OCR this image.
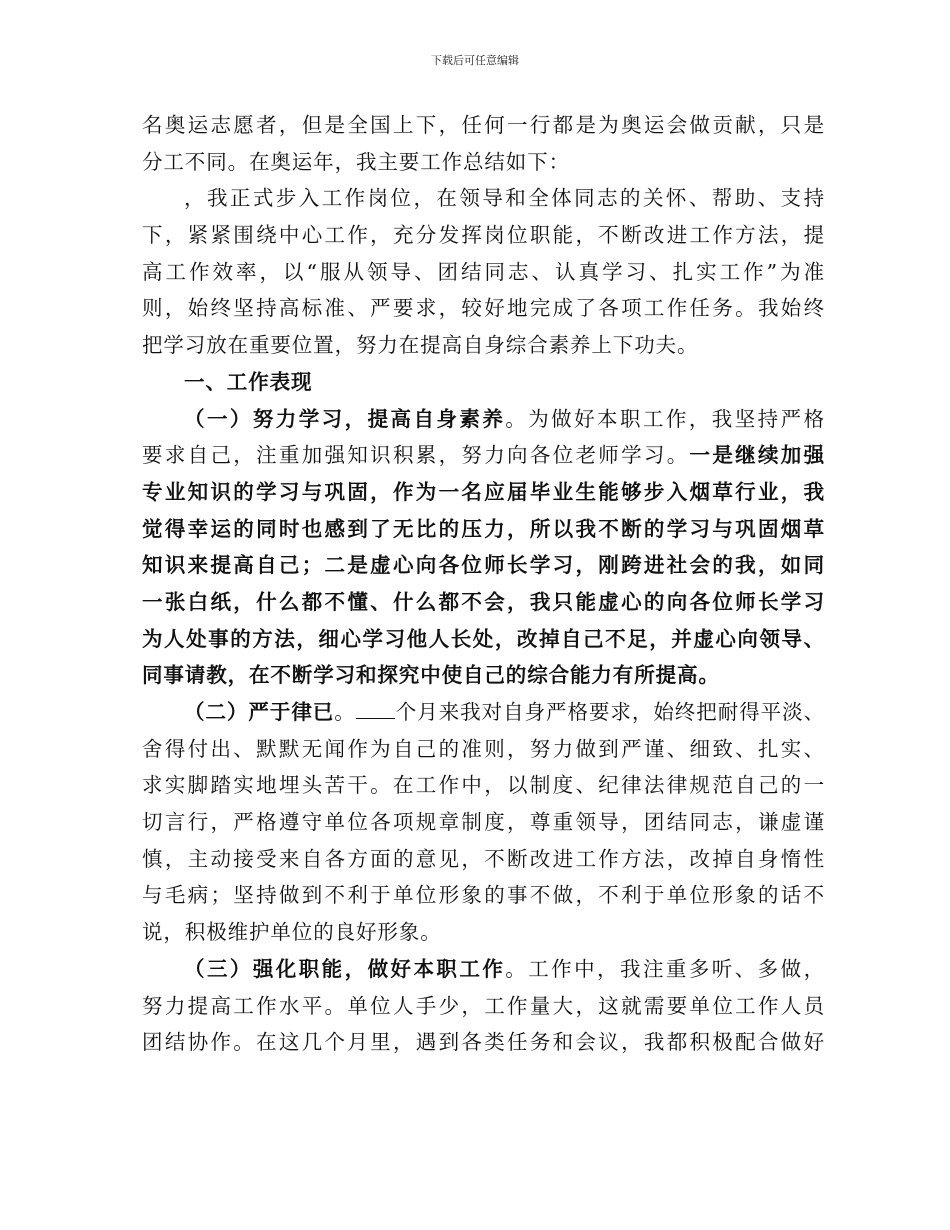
下载后可任意编辑
名奥运志愿者，但是全国上下，任何一行都是为奥运会做贡献，只是
分工不同。在奥运年，我主要工作总结如下：
，我正式步入工作岗位，在领导和全体同志的关怀、帮助、支持
下，紧紧围绕中心工作，充分发挥岗位职能，不断改进工作方法，提
高工作效率，以“服从领导、团结同志、认真学习、扎实工作”为准
则，始终坚持高标准、严要求，较好地完成了各项工作任务。我始终
把学习放在重要位置，努力在提高自身综合素养上下功夫。
一、工作表现
（一）努力学习，提高自身素养。为做好本职工作，我坚持严格
要求自己，注重加强知识积累，努力向各位老师学习。一是继续加强
专业知识的学习与巩固，作为一名应届毕业生能够步入烟草行业，我
觉得幸运的同时也感到了无比的压力，所以我不断的学习与巩固烟草
知识来提高自己；二是虚心向各位师长学习，刚跨进社会的我，如同
一张白纸，什么都不懂、什么都不会，我只能虚心的向各位师长学习
为人处事的方法，细心学习他人长处，改掉自己不足，并虚心向领导、
同事请教，在不断学习和探究中使自己的综合能力有所提高。
（二）严于律已。 个月来我对自身严格要求，始终把耐得平淡、
舍得付出、默默无闻作为自己的准则，努力做到严谨、细致、扎实、
求实脚踏实地埋头苦干。在工作中，以制度、纪律法律规范自己的一
切言行，严格遵守单位各项规章制度，尊重领导，团结同志，谦虚谨
慎，主动接受来自各方面的意见，不断改进工作方法，改掉自身惰性
与毛病；坚持做到不利于单位形象的事不做，不利于单位形象的话不
说，积极维护单位的良好形象。
（三）强化职能，做好本职工作。工作中，我注重多听、多做，
努力提高工作水平。单位人手少，工作量大，这就需要单位工作人员
团结协作。在这几个月里，遇到各类任务和会议，我都积极配合做好
